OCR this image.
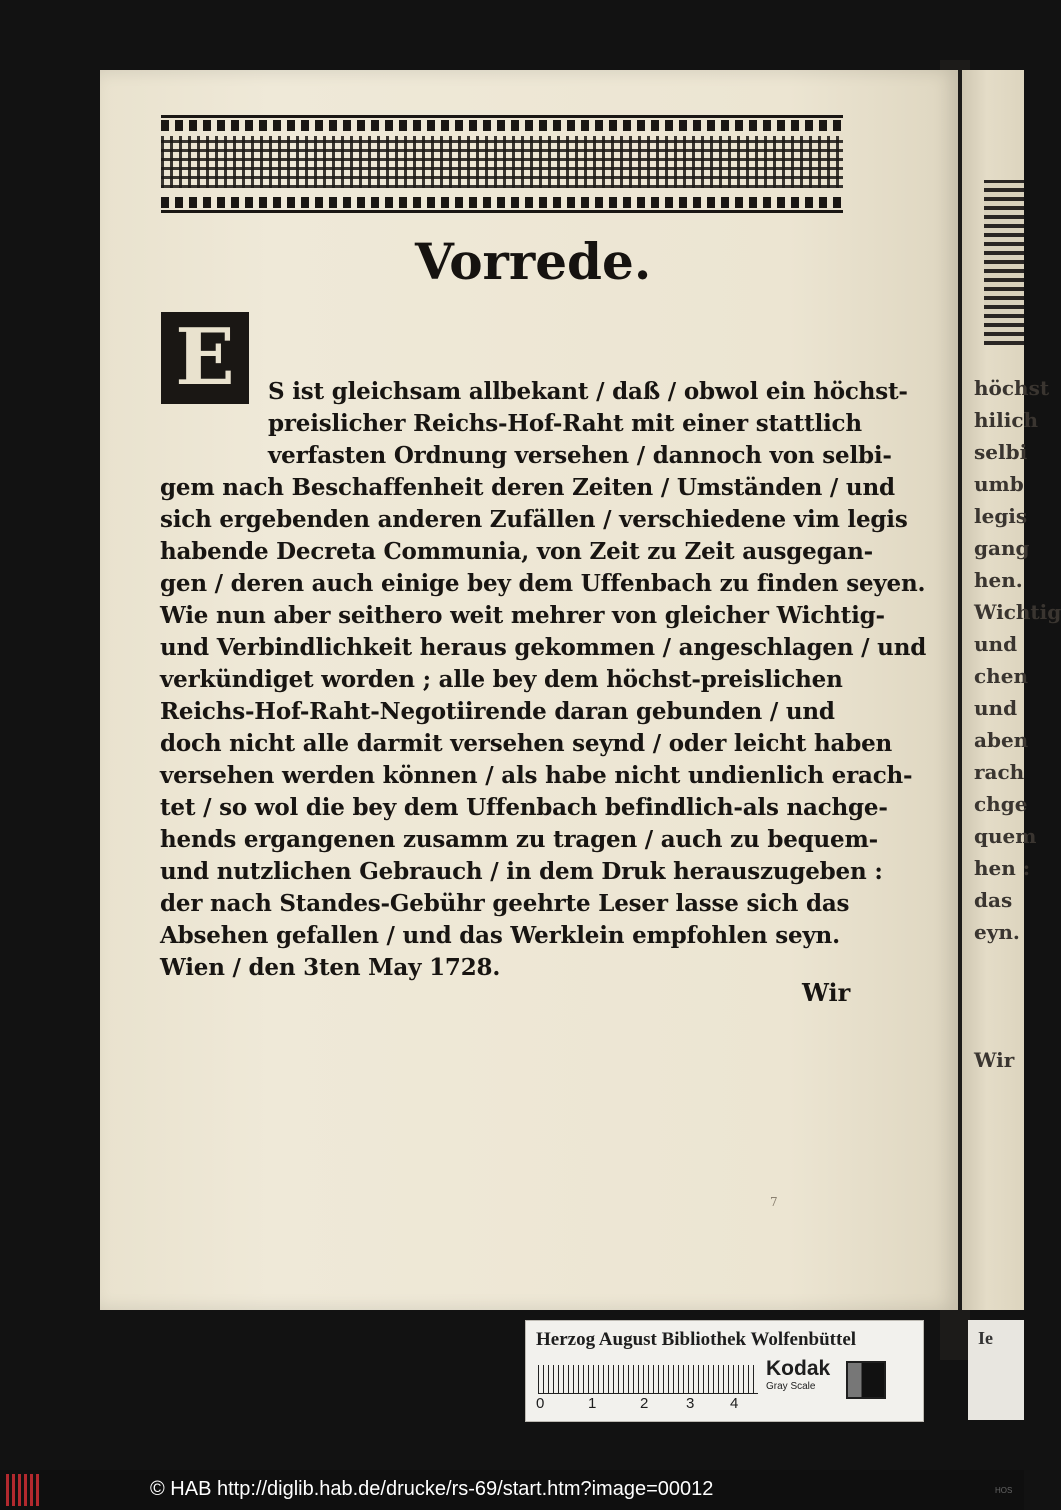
höchst
hilich
selbi
umb
legis
gang
hen.
Wichtig
und
chen
und
aben
rach
chge
quem
hen :
das
eyn.
Wir
Vorrede.
E	S ist gleichsam allbekant / daß / obwol ein höchst-
preislicher Reichs-Hof-Raht mit einer stattlich
verfasten Ordnung versehen / dannoch von selbi-
gem nach Beschaffenheit deren Zeiten / Umständen / und
sich ergebenden anderen Zufällen / verschiedene vim legis
habende Decreta Communia, von Zeit zu Zeit ausgegan-
gen / deren auch einige bey dem Uffenbach zu finden seyen.
Wie nun aber seithero weit mehrer von gleicher Wichtig-
und Verbindlichkeit heraus gekommen / angeschlagen / und
verkündiget worden ; alle bey dem höchst-preislichen
Reichs-Hof-Raht-Negotiirende daran gebunden / und
doch nicht alle darmit versehen seynd / oder leicht haben
versehen werden können / als habe nicht undienlich erach-
tet / so wol die bey dem Uffenbach befindlich-als nachge-
hends ergangenen zusamm zu tragen / auch zu bequem-
und nutzlichen Gebrauch / in dem Druk herauszugeben :
der nach Standes-Gebühr geehrte Leser lasse sich das
Absehen gefallen / und das Werklein empfohlen seyn.
Wien / den 3ten May 1728.
Wir
7
Herzog August Bibliothek Wolfenbüttel
0	1	2	3 4
Kodak
Gray Scale
Ie
© HAB http://diglib.hab.de/drucke/rs-69/start.htm?image=00012	HOS
